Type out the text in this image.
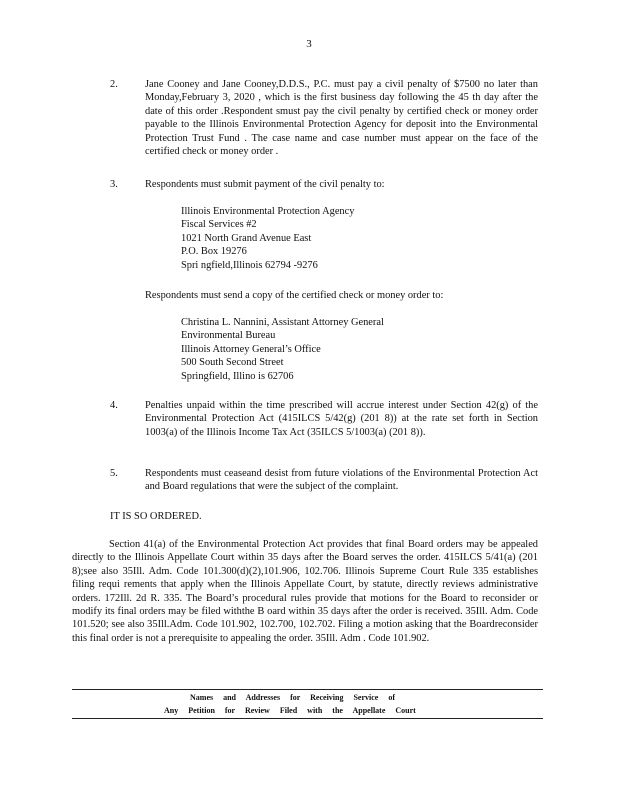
3
2.	Jane Cooney and Jane Cooney,D.D.S., P.C. must pay a civil penalty of $7500 no later than Monday,February 3, 2020 , which is the first business day following the 45 th day after the date of this order .Respondent smust pay the civil penalty by certified check or money order payable to the Illinois Environmental Protection Agency for deposit into the Environmental Protection Trust Fund . The case name and case number must appear on the face of the certified check or money order .
3.	Respondents must submit payment of the civil penalty to:
Illinois Environmental Protection Agency
Fiscal Services #2
1021 North Grand Avenue East
P.O. Box 19276
Spri ngfield,Illinois 62794 -9276
Respondents must send a copy of the certified check or money order to:
Christina L. Nannini, Assistant Attorney General
Environmental Bureau
Illinois Attorney General’s Office
500 South Second Street
Springfield, Illino is 62706
4.	Penalties unpaid within the time prescribed will accrue interest under Section 42(g) of the Environmental Protection Act (415ILCS 5/42(g) (201 8)) at the rate set forth in Section 1003(a) of the Illinois Income Tax Act (35ILCS 5/1003(a) (201 8)).
5.	Respondents must ceaseand desist from future violations of the Environmental Protection Act and Board regulations that were the subject of the complaint.
IT IS SO ORDERED.

Section 41(a) of the Environmental Protection Act provides that final Board orders may be appealed directly to the Illinois Appellate Court within 35 days after the Board serves the order. 415ILCS 5/41(a) (201 8);see also 35Ill. Adm. Code 101.300(d)(2),101.906, 102.706. Illinois Supreme Court Rule 335 establishes filing requi rements that apply when the Illinois Appellate Court, by statute, directly reviews administrative orders. 172Ill. 2d R. 335. The Board’s procedural rules provide that motions for the Board to reconsider or modify its final orders may be filed withthe B oard within 35 days after the order is received. 35Ill. Adm. Code 101.520; see also 35Ill.Adm. Code 101.902, 102.700, 102.702. Filing a motion asking that the Boardreconsider this final order is not a prerequisite to appealing the order. 35Ill. Adm . Code 101.902.

Names and Addresses for Receiving Service of
Any Petition for Review Filed with the Appellate Court
